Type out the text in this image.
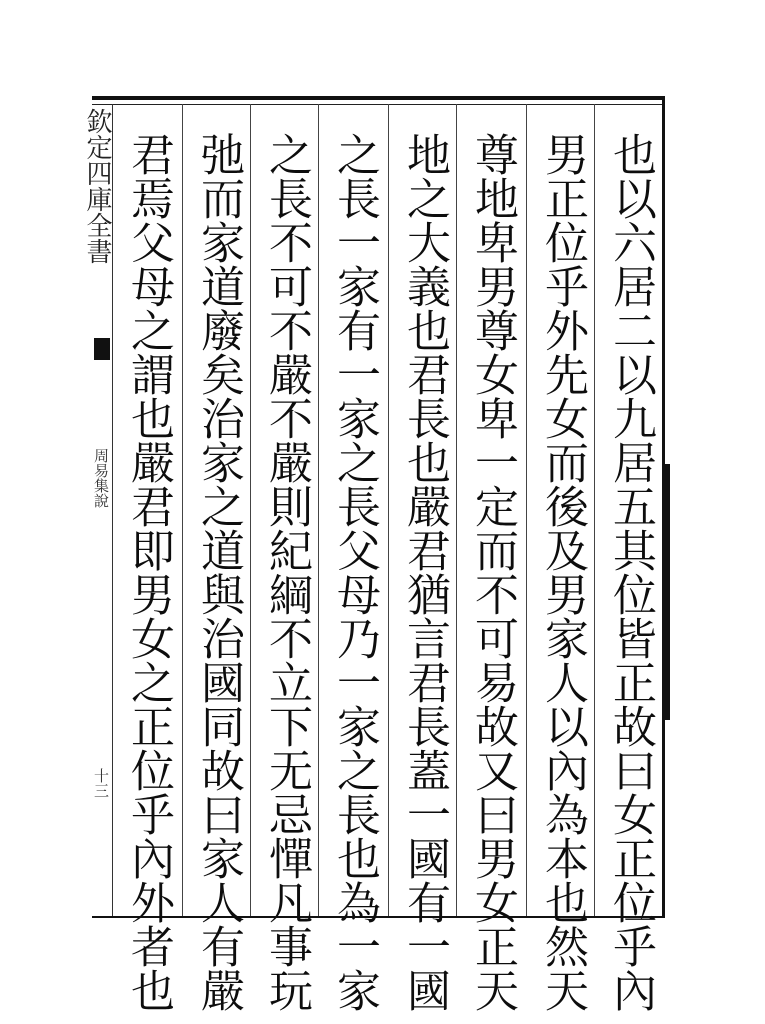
欽定四庫全書
周易集說
十三	也以六居二以九居五其位皆正故曰女正位乎內
男正位乎外先女而後及男家人以內為本也然天
尊地卑男尊女卑一定而不可易故又曰男女正天
地之大義也君長也嚴君猶言君長蓋一國有一國
之長一家有一家之長父母乃一家之長也為一家
之長不可不嚴不嚴則紀綱不立下无忌憚凡事玩
弛而家道廢矣治家之道與治國同故曰家人有嚴
君焉父母之謂也嚴君即男女之正位乎內外者也
